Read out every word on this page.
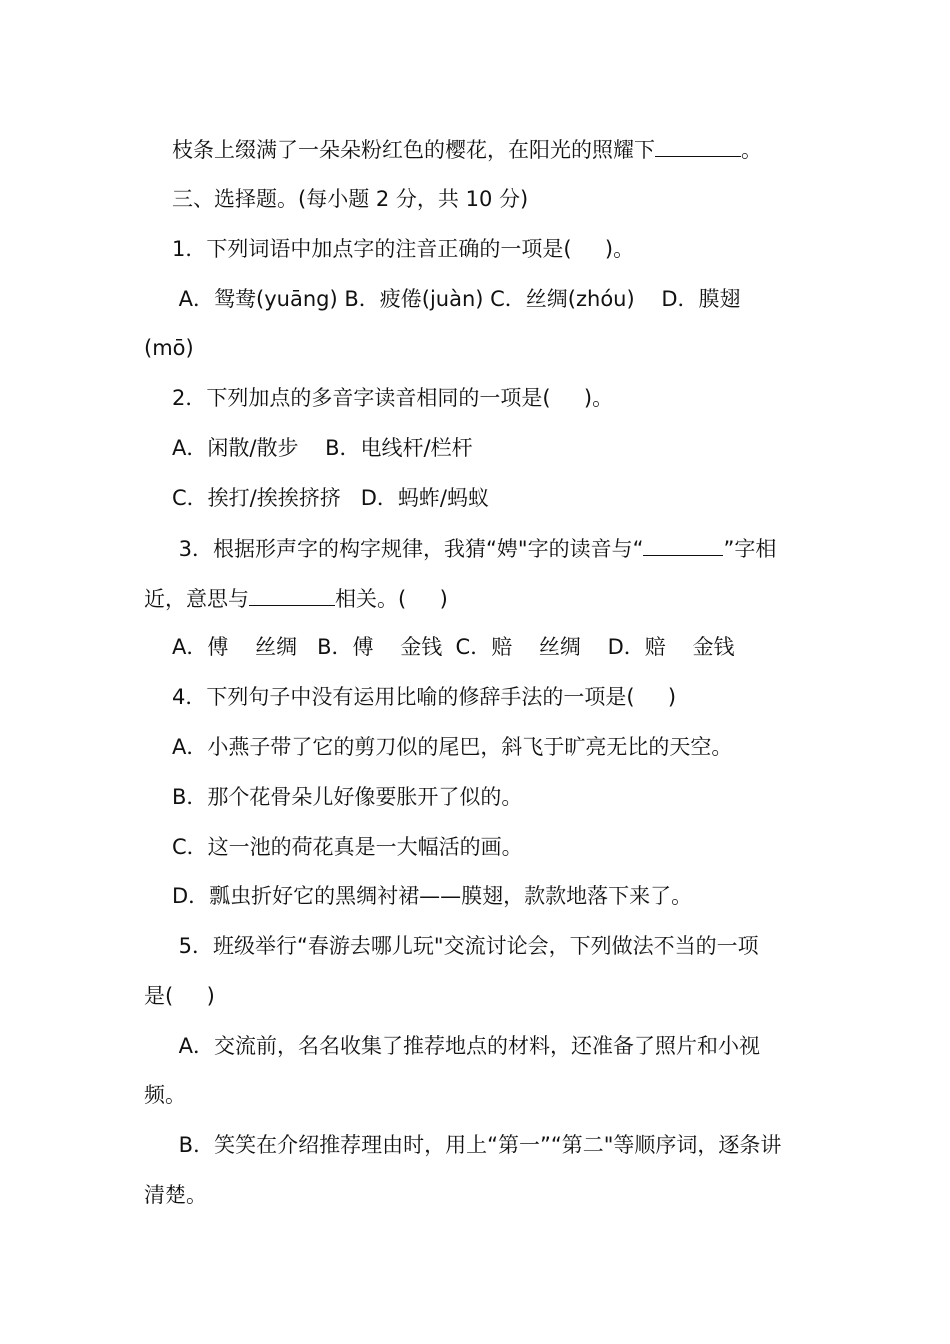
枝条上缀满了一朵朵粉红色的樱花，在阳光的照耀下	。
三、选择题。(每小题 2 分，共 10 分)
1．下列词语中加点字的注音正确的一项是(     )。
A．鸳鸯(yuāng) B．疲倦(juàn) C．丝绸(zhóu)    D．膜翅
(mō)
2．下列加点的多音字读音相同的一项是(     )。
A．闲散/散步    B．电线杆/栏杆
C．挨打/挨挨挤挤   D．蚂蚱/蚂蚁
3．根据形声字的构字规律，我猜“娉"字的读音与“	”字相
近，意思与	相关。(     )
A．傅    丝绸   B．傅    金钱  C．赔    丝绸    D．赔    金钱
4．下列句子中没有运用比喻的修辞手法的一项是(     )
A．小燕子带了它的剪刀似的尾巴，斜飞于旷亮无比的天空。
B．那个花骨朵儿好像要胀开了似的。
C．这一池的荷花真是一大幅活的画。
D．瓢虫折好它的黑绸衬裙——膜翅，款款地落下来了。
5．班级举行“春游去哪儿玩"交流讨论会，下列做法不当的一项
是(     )
A．交流前，名名收集了推荐地点的材料，还准备了照片和小视
频。
B．笑笑在介绍推荐理由时，用上“第一”“第二"等顺序词，逐条讲
清楚。
